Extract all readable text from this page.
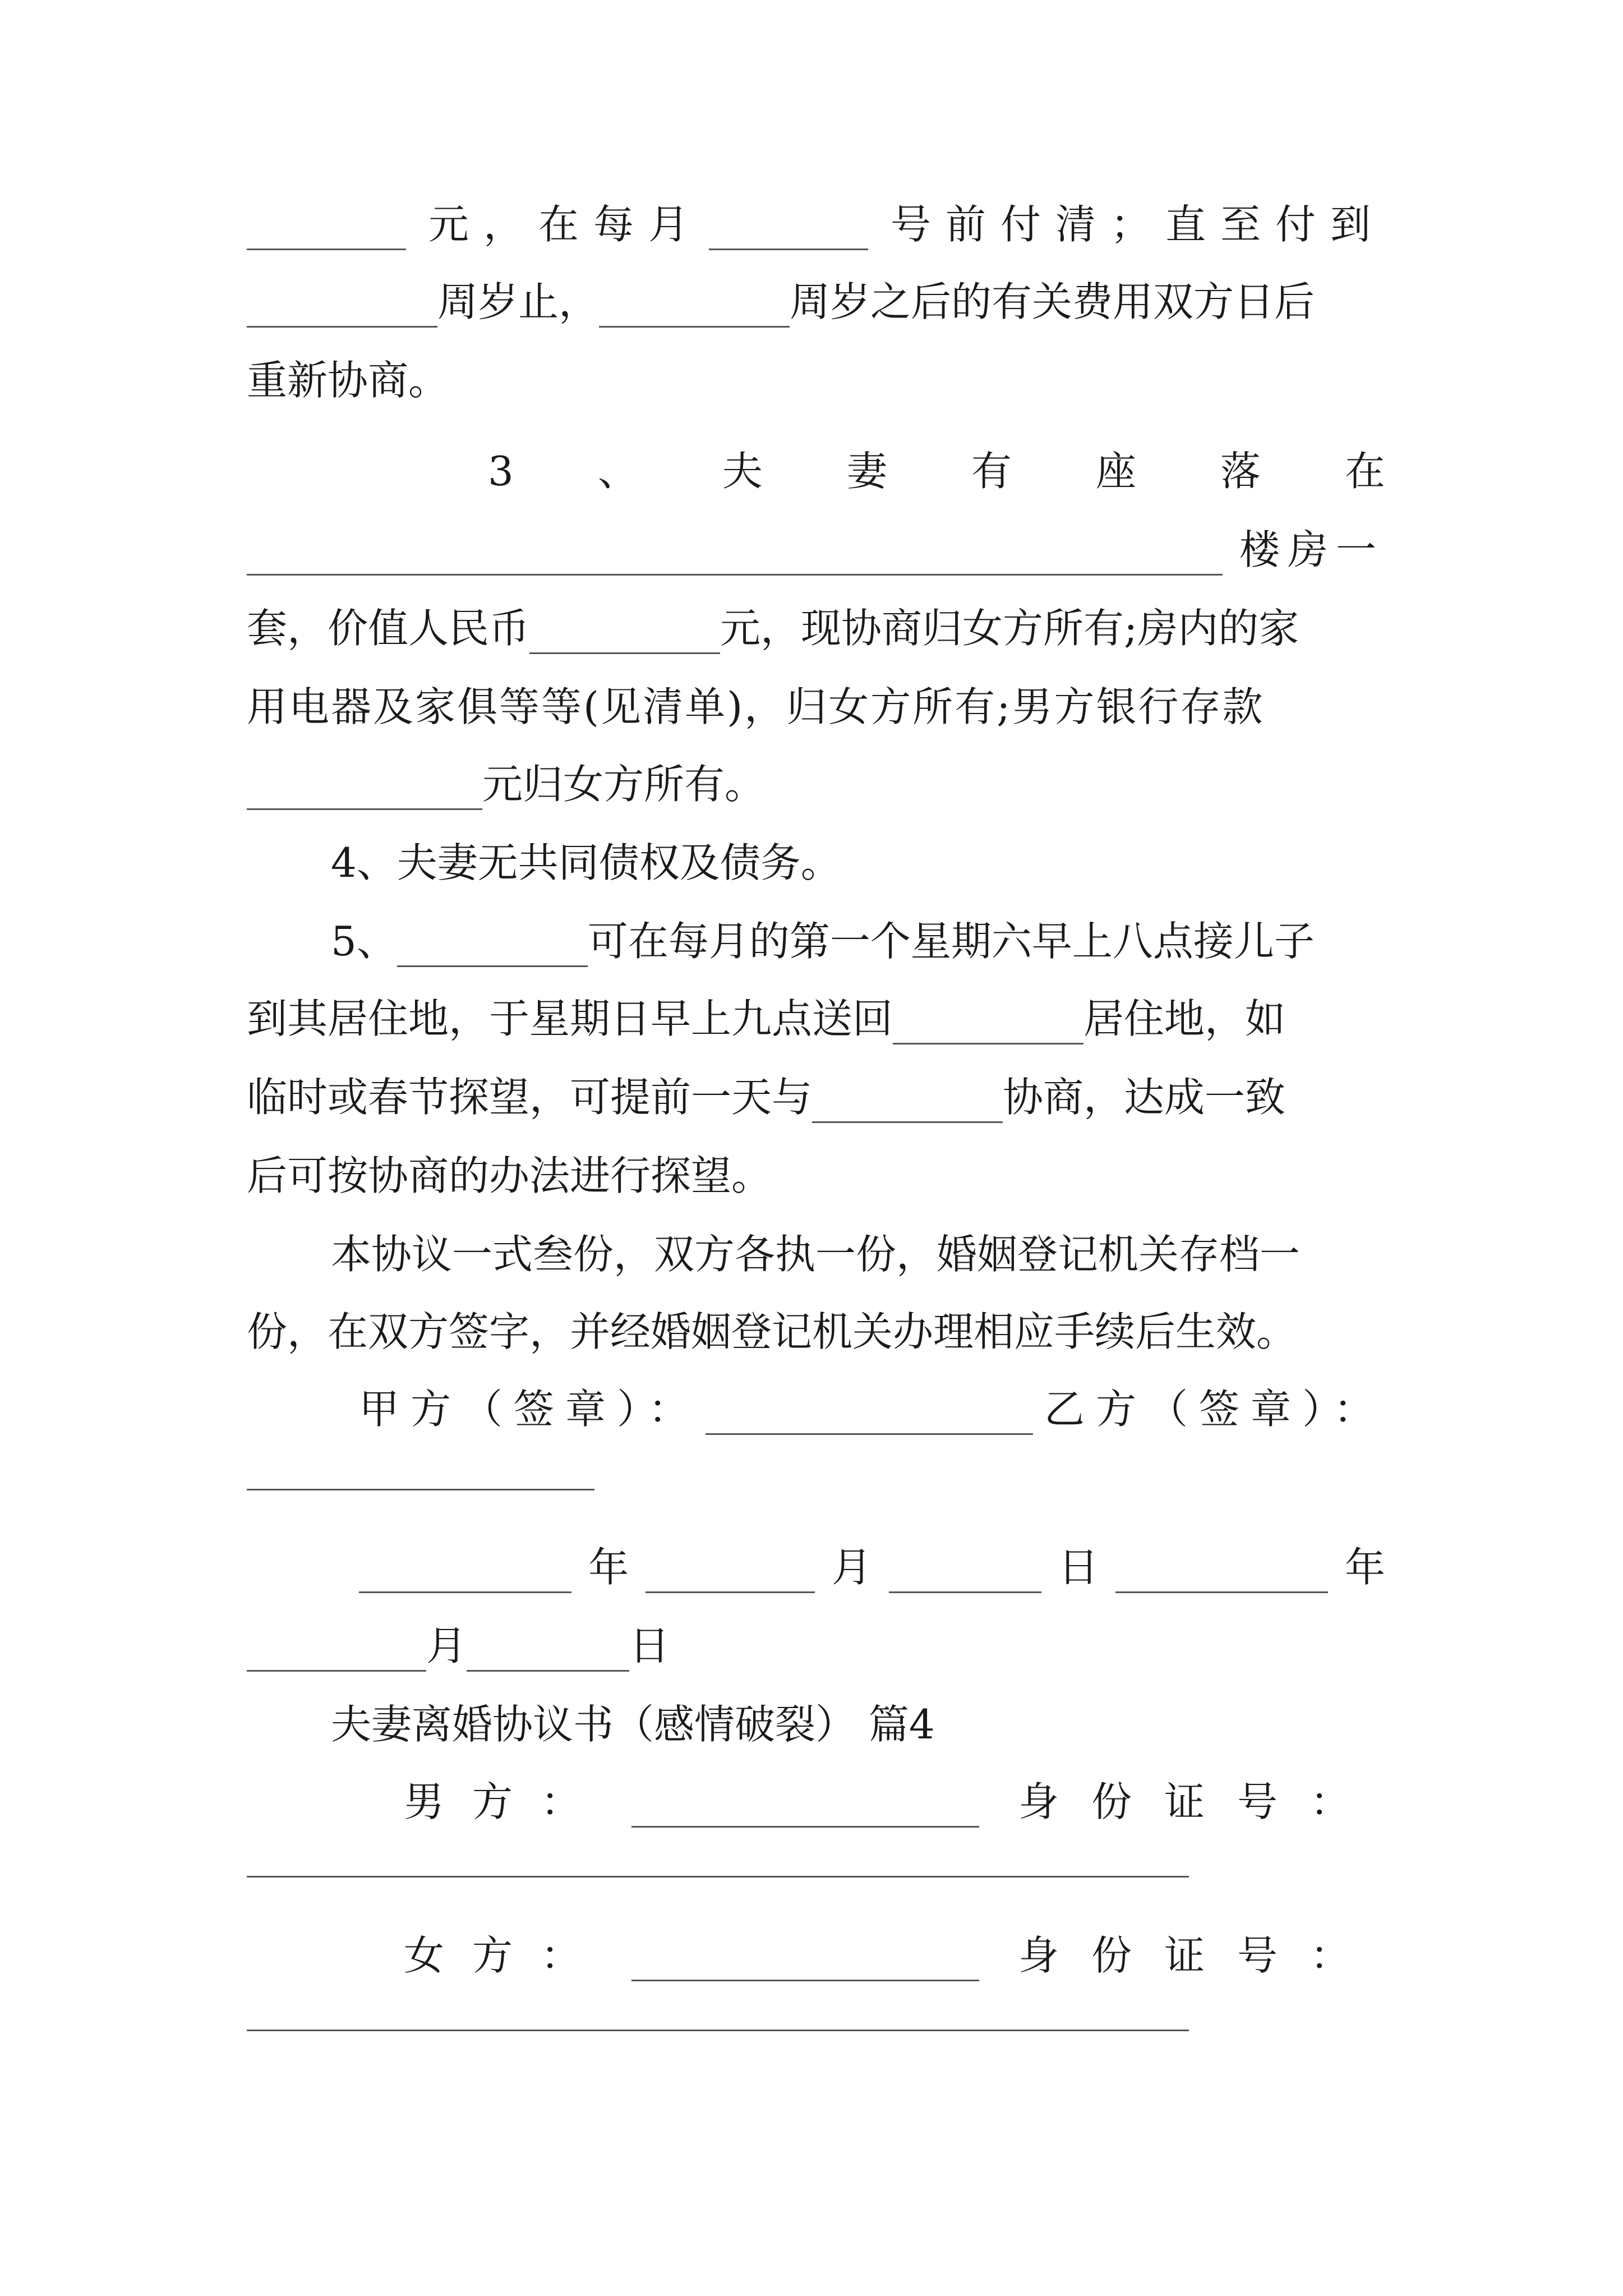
元，在每月	号前付清；直至付到
周岁止，	周岁之后的有关费用双方日后
重新协商。
3 、 夫 妻 有 座 落 在
楼房一
套，价值人民币	元，现协商归女方所有;房内的家
用电器及家俱等等(见清单)，归女方所有;男方银行存款
元归女方所有。
4、夫妻无共同债权及债务。
5、	可在每月的第一个星期六早上八点接儿子
到其居住地，于星期日早上九点送回	居住地，如
临时或春节探望，可提前一天与	协商，达成一致
后可按协商的办法进行探望。
本协议一式叁份，双方各执一份，婚姻登记机关存档一
份，在双方签字，并经婚姻登记机关办理相应手续后生效。
甲方（签章）：	乙方（签章）：
年	月	日	年
月	日
夫妻离婚协议书（感情破裂） 篇4
男方：	身份证号：
女方：	身份证号：
